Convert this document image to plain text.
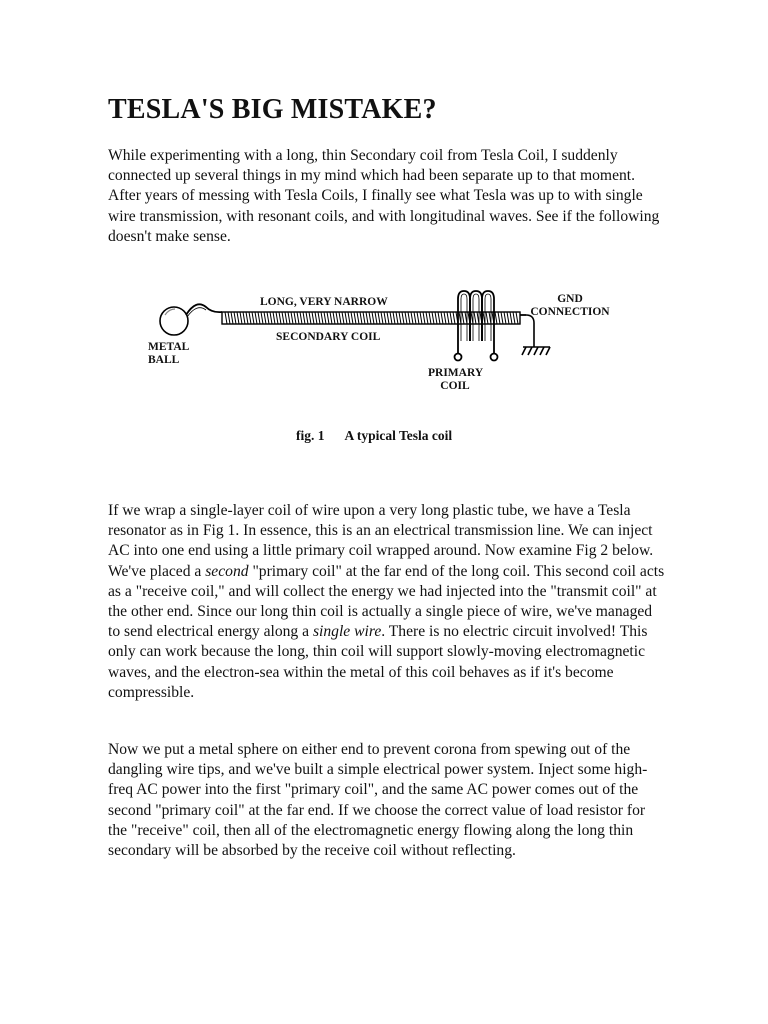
TESLA'S BIG MISTAKE?

While experimenting with a long, thin Secondary coil from Tesla Coil, I suddenly connected up several things in my mind which had been separate up to that moment. After years of messing with Tesla Coils, I finally see what Tesla was up to with single wire transmission, with resonant coils, and with longitudinal waves. See if the following doesn't make sense.

If we wrap a single-layer coil of wire upon a very long plastic tube, we have a Tesla resonator as in Fig 1. In essence, this is an an electrical transmission line. We can inject AC into one end using a little primary coil wrapped around. Now examine Fig 2 below. We've placed a second "primary coil" at the far end of the long coil. This second coil acts as a "receive coil," and will collect the energy we had injected into the "transmit coil" at the other end. Since our long thin coil is actually a single piece of wire, we've managed to send electrical energy along a single wire. There is no electric circuit involved! This only can work because the long, thin coil will support slowly-moving electromagnetic waves, and the electron-sea within the metal of this coil behaves as if it's become compressible.

Now we put a metal sphere on either end to prevent corona from spewing out of the dangling wire tips, and we've built a simple electrical power system. Inject some high-freq AC power into the first "primary coil", and the same AC power comes out of the second "primary coil" at the far end. If we choose the correct value of load resistor for the "receive" coil, then all of the electromagnetic energy flowing along the long thin secondary will be absorbed by the receive coil without reflecting.

LONG, VERY NARROW	GND
CONNECTION
SECONDARY COIL
METAL
BALL
PRIMARY
COIL
fig. 1 A typical Tesla coil
